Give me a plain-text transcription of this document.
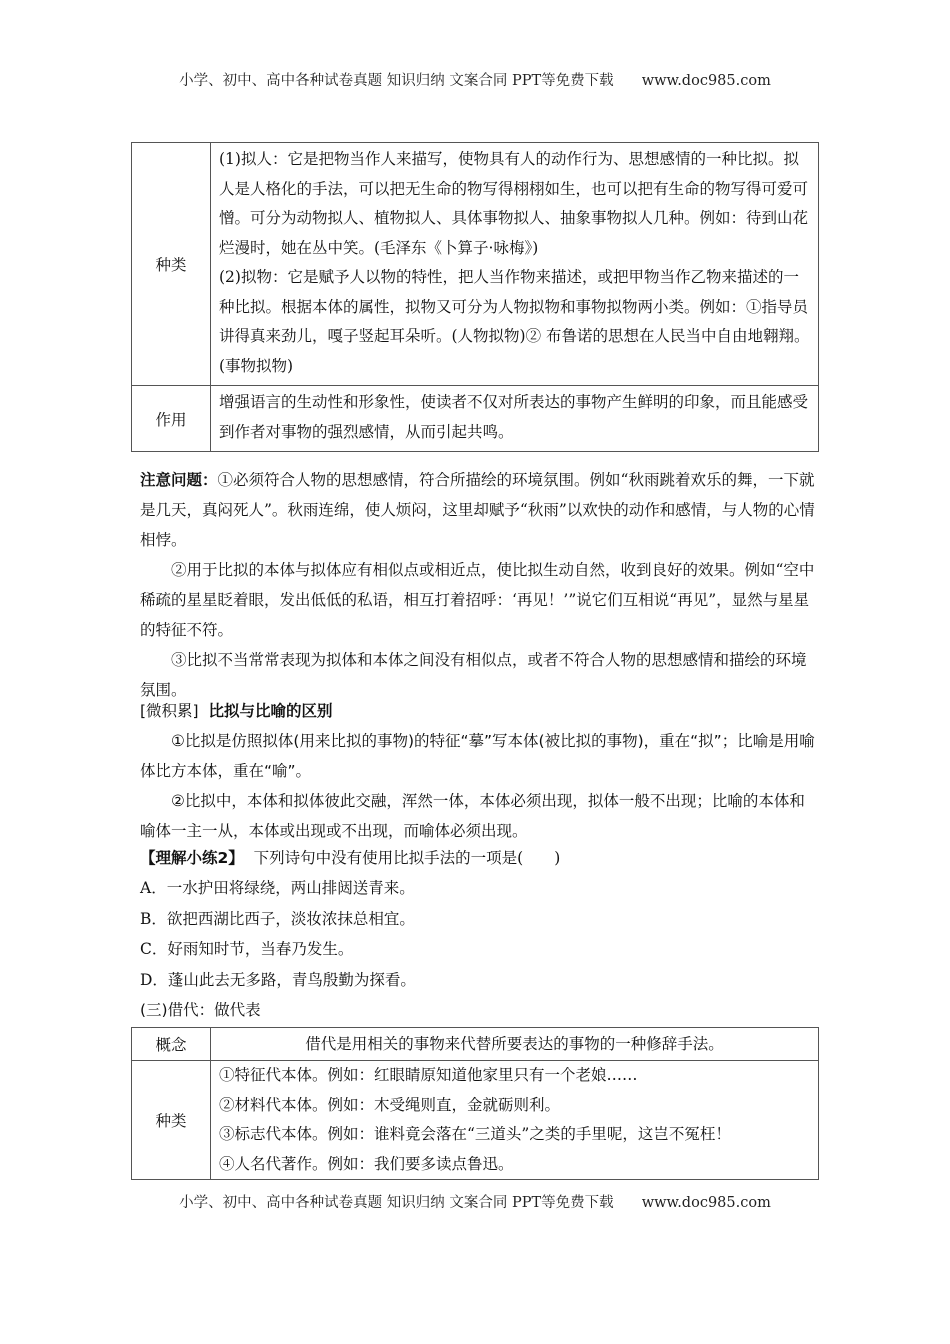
小学、初中、高中各种试卷真题 知识归纳 文案合同 PPT等免费下载 www.doc985.com
种类	(1)拟人：它是把物当作人来描写，使物具有人的动作行为、思想感情的一种比拟。拟人是人格化的手法，可以把无生命的物写得栩栩如生，也可以把有生命的物写得可爱可憎。可分为动物拟人、植物拟人、具体事物拟人、抽象事物拟人几种。例如：待到山花烂漫时，她在丛中笑。(毛泽东《卜算子·咏梅》)

(2)拟物：它是赋予人以物的特性，把人当作物来描述，或把甲物当作乙物来描述的一种比拟。根据本体的属性，拟物又可分为人物拟物和事物拟物两小类。例如：①指导员讲得真来劲儿，嘎子竖起耳朵听。(人物拟物)② 布鲁诺的思想在人民当中自由地翱翔。(事物拟物)

作用	增强语言的生动性和形象性，使读者不仅对所表达的事物产生鲜明的印象，而且能感受到作者对事物的强烈感情，从而引起共鸣。

注意问题：①必须符合人物的思想感情，符合所描绘的环境氛围。例如“秋雨跳着欢乐的舞，一下就是几天，真闷死人”。秋雨连绵，使人烦闷，这里却赋予“秋雨”以欢快的动作和感情，与人物的心情相悖。

②用于比拟的本体与拟体应有相似点或相近点，使比拟生动自然，收到良好的效果。例如“空中稀疏的星星眨着眼，发出低低的私语，相互打着招呼：‘再见！’”说它们互相说“再见”，显然与星星的特征不符。

③比拟不当常常表现为拟体和本体之间没有相似点，或者不符合人物的思想感情和描绘的环境氛围。

[微积累] 比拟与比喻的区别

①比拟是仿照拟体(用来比拟的事物)的特征“摹”写本体(被比拟的事物)，重在“拟”；比喻是用喻体比方本体，重在“喻”。

②比拟中，本体和拟体彼此交融，浑然一体，本体必须出现，拟体一般不出现；比喻的本体和喻体一主一从，本体或出现或不出现，而喻体必须出现。

【理解小练2】 下列诗句中没有使用比拟手法的一项是(　　)

A．一水护田将绿绕，两山排闼送青来。

B．欲把西湖比西子，淡妆浓抹总相宜。

C．好雨知时节，当春乃发生。

D．蓬山此去无多路，青鸟殷勤为探看。

(三)借代：做代表

概念	借代是用相关的事物来代替所要表达的事物的一种修辞手法。
种类	①特征代本体。例如：红眼睛原知道他家里只有一个老娘……

②材料代本体。例如：木受绳则直，金就砺则利。

③标志代本体。例如：谁料竟会落在“三道头”之类的手里呢，这岂不冤枉！

④人名代著作。例如：我们要多读点鲁迅。

小学、初中、高中各种试卷真题 知识归纳 文案合同 PPT等免费下载 www.doc985.com
